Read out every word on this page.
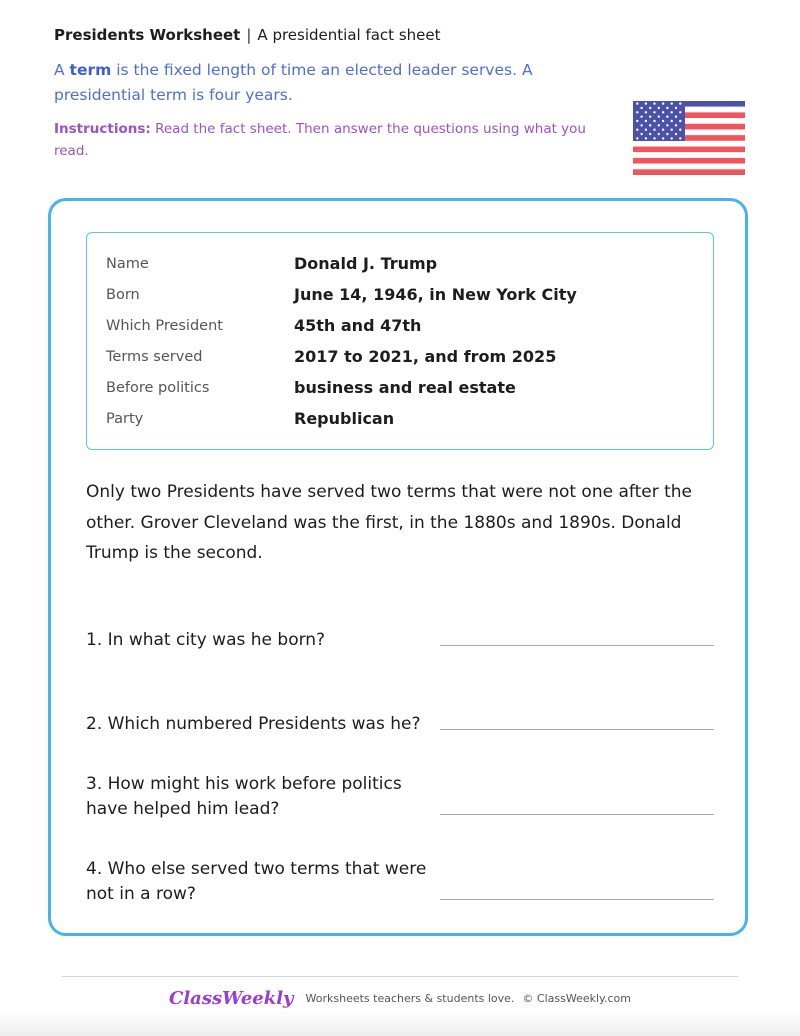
Presidents Worksheet | A presidential fact sheet
A term is the fixed length of time an elected leader serves. A presidential term is four years.
Instructions: Read the fact sheet. Then answer the questions using what you read.
Name	Donald J. Trump
Born	June 14, 1946, in New York City
Which President	45th and 47th
Terms served	2017 to 2021, and from 2025
Before politics	business and real estate
Party	Republican
Only two Presidents have served two terms that were not one after the other. Grover Cleveland was the first, in the 1880s and 1890s. Donald Trump is the second.
1. In what city was he born?
2. Which numbered Presidents was he?
3. How might his work before politics have helped him lead?
4. Who else served two terms that were not in a row?
ClassWeekly Worksheets teachers & students love. © ClassWeekly.com
